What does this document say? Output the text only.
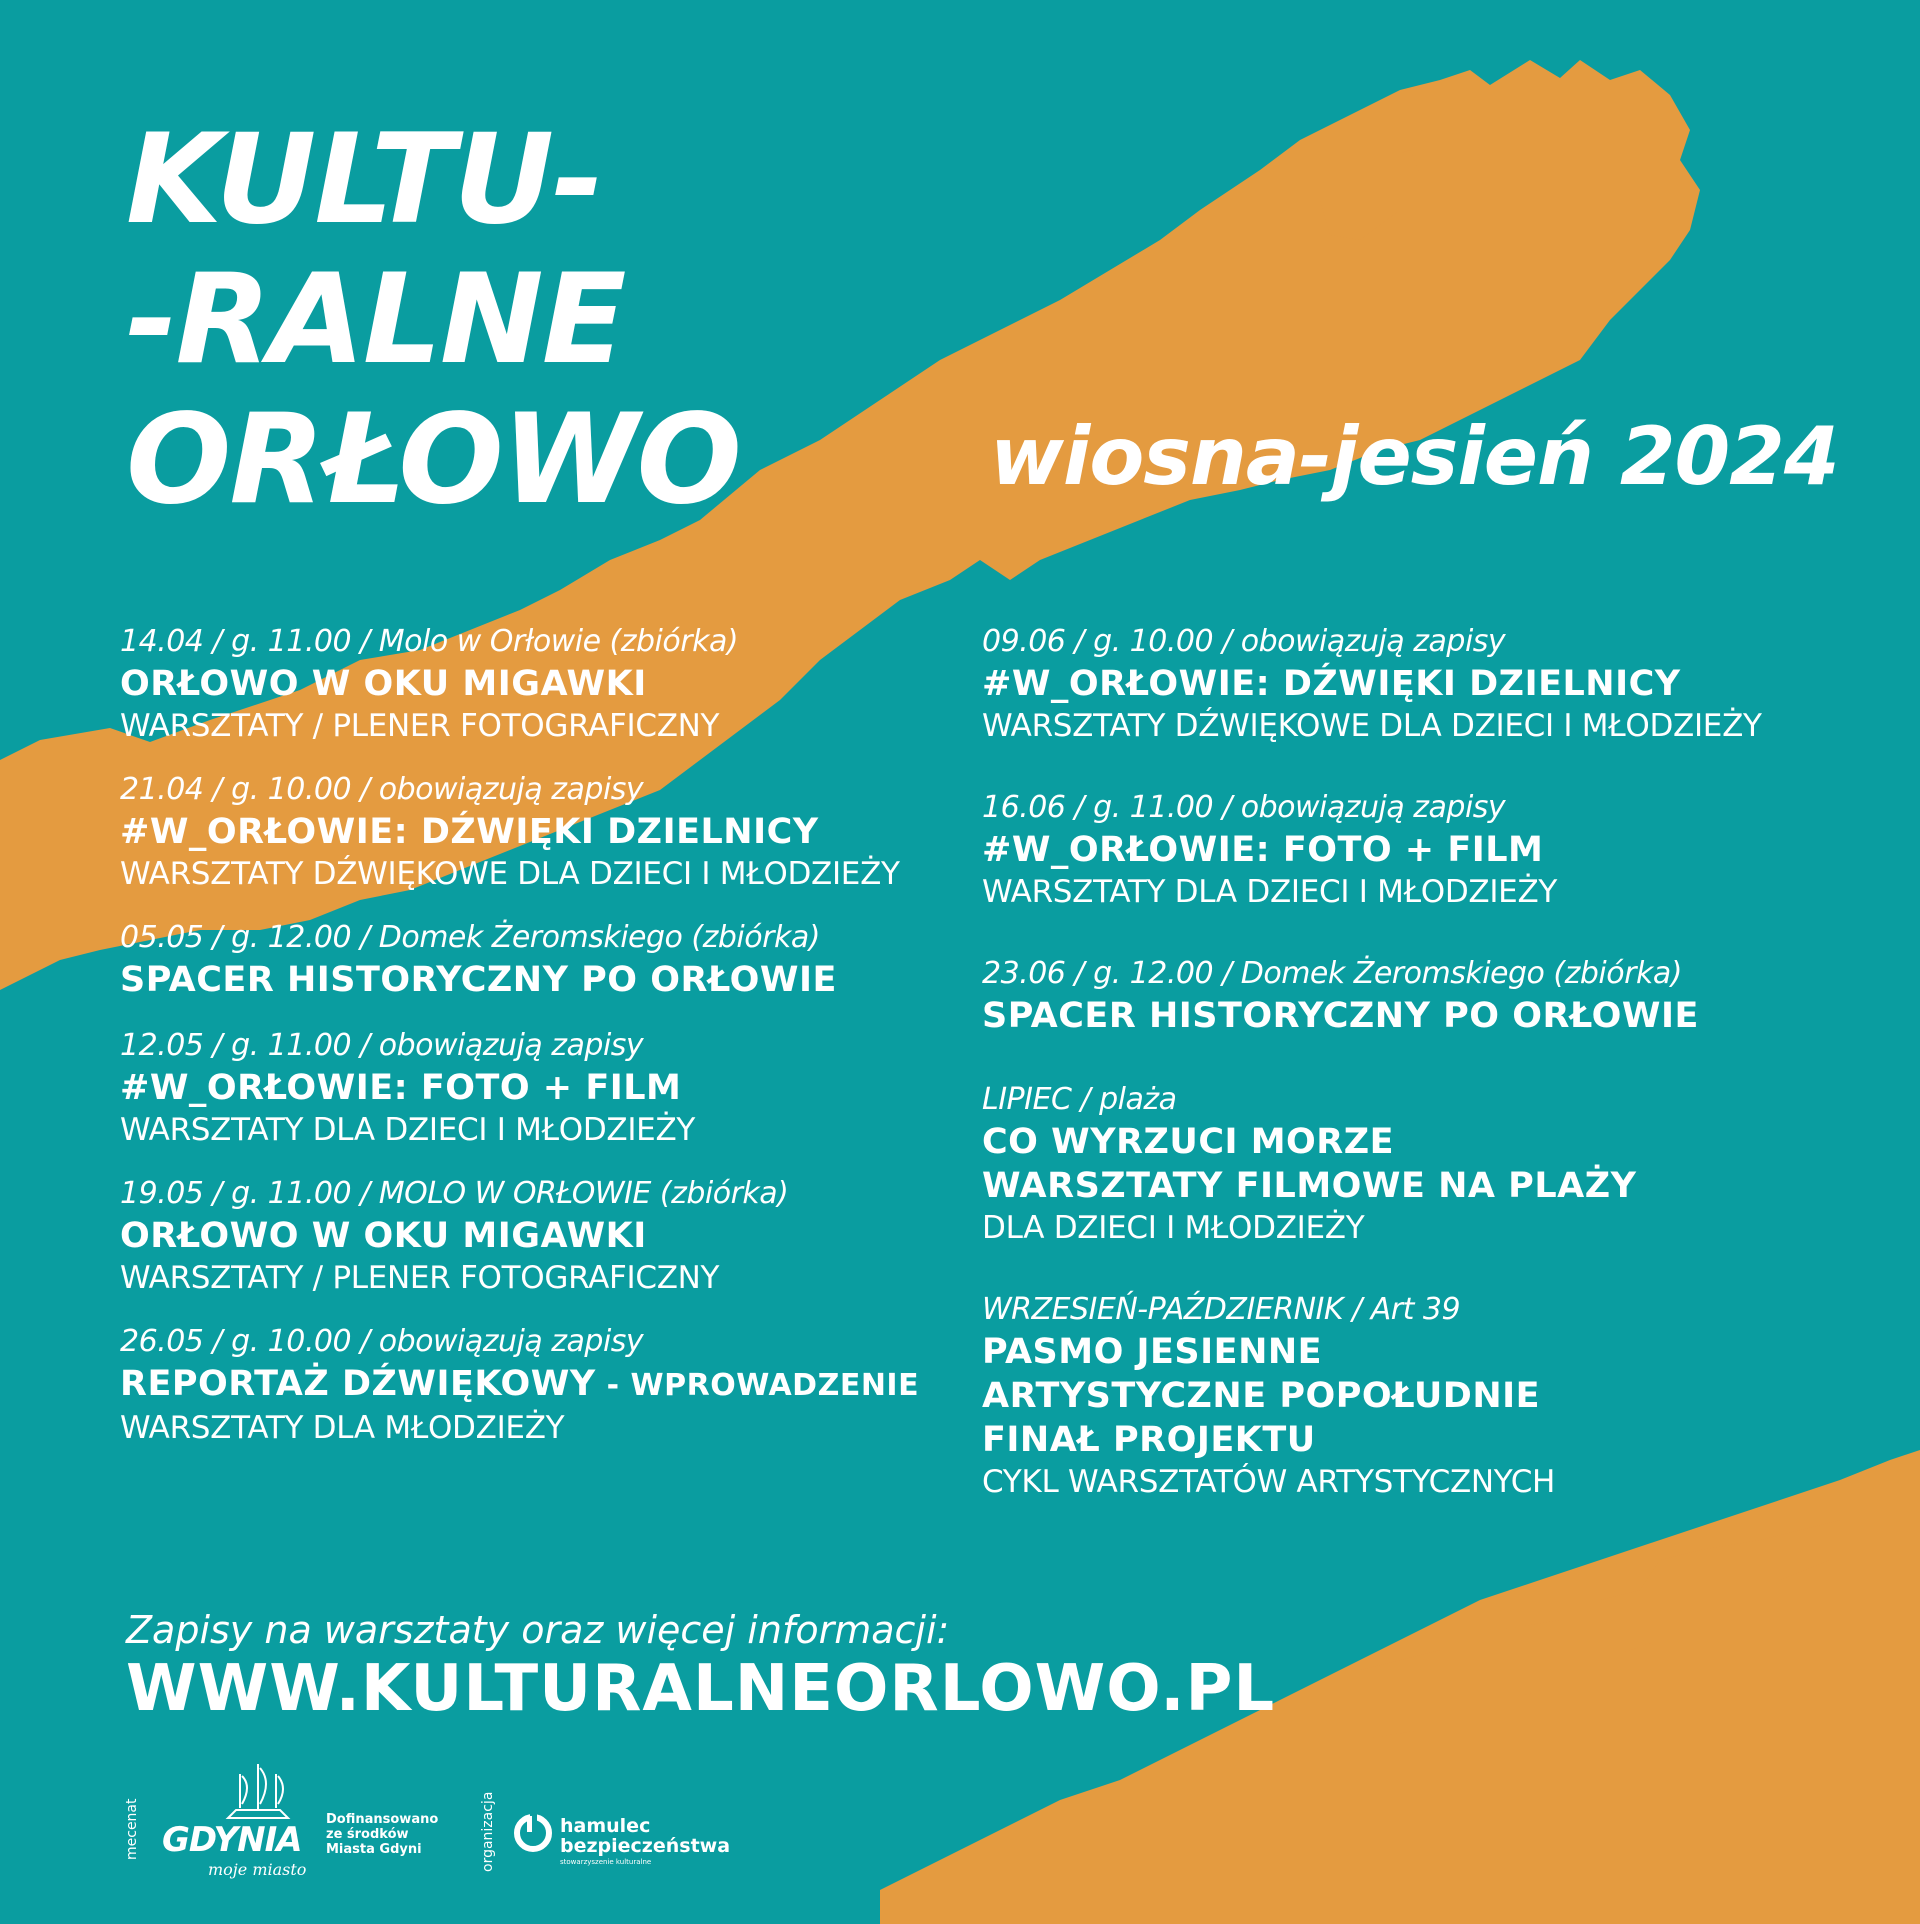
KULTU-
-RALNE
ORŁOWO	wiosna-jesień 2024
14.04 / g. 11.00 / Molo w Orłowie (zbiórka)
ORŁOWO W OKU MIGAWKI
WARSZTATY / PLENER FOTOGRAFICZNY
21.04 / g. 10.00 / obowiązują zapisy
#W_ORŁOWIE: DŹWIĘKI DZIELNICY
WARSZTATY DŹWIĘKOWE DLA DZIECI I MŁODZIEŻY
05.05 / g. 12.00 / Domek Żeromskiego (zbiórka)
SPACER HISTORYCZNY PO ORŁOWIE
12.05 / g. 11.00 / obowiązują zapisy
#W_ORŁOWIE: FOTO + FILM
WARSZTATY DLA DZIECI I MŁODZIEŻY
19.05 / g. 11.00 / MOLO W ORŁOWIE (zbiórka)
ORŁOWO W OKU MIGAWKI
WARSZTATY / PLENER FOTOGRAFICZNY
26.05 / g. 10.00 / obowiązują zapisy
REPORTAŻ DŹWIĘKOWY - WPROWADZENIE
WARSZTATY DLA MŁODZIEŻY
09.06 / g. 10.00 / obowiązują zapisy
#W_ORŁOWIE: DŹWIĘKI DZIELNICY
WARSZTATY DŹWIĘKOWE DLA DZIECI I MŁODZIEŻY
16.06 / g. 11.00 / obowiązują zapisy
#W_ORŁOWIE: FOTO + FILM
WARSZTATY DLA DZIECI I MŁODZIEŻY
23.06 / g. 12.00 / Domek Żeromskiego (zbiórka)
SPACER HISTORYCZNY PO ORŁOWIE
LIPIEC / plaża
CO WYRZUCI MORZE
WARSZTATY FILMOWE NA PLAŻY
DLA DZIECI I MŁODZIEŻY
WRZESIEŃ-PAŹDZIERNIK / Art 39
PASMO JESIENNE
ARTYSTYCZNE POPOŁUDNIE
FINAŁ PROJEKTU
CYKL WARSZTATÓW ARTYSTYCZNYCH
Zapisy na warsztaty oraz więcej informacji:
WWW.KULTURALNEORLOWO.PL
mecenat GDYNIA
moje miasto
Dofinansowano ze środków Miasta Gdyni	organizacja	hamulec
bezpieczeństwa
stowarzyszenie kulturalne
